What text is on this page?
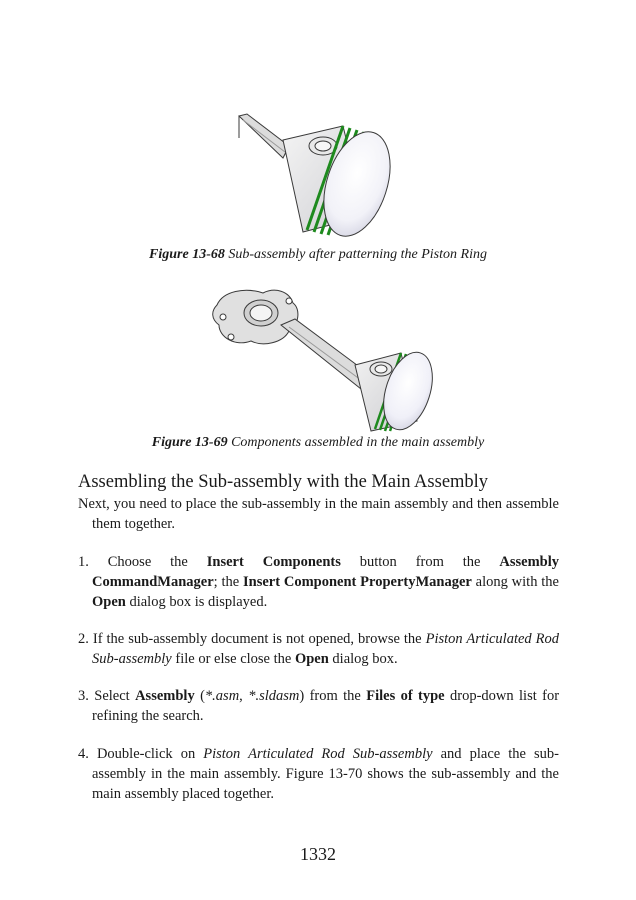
Figure 13-68 Sub-assembly after patterning the Piston Ring
Figure 13-69 Components assembled in the main assembly
Assembling the Sub-assembly with the Main Assembly
Next, you need to place the sub-assembly in the main assembly and then assemble them together.
1. Choose the Insert Components button from the Assembly CommandManager; the Insert Component PropertyManager along with the Open dialog box is displayed.
2. If the sub-assembly document is not opened, browse the Piston Articulated Rod Sub-assembly file or else close the Open dialog box.
3. Select Assembly (*.asm, *.sldasm) from the Files of type drop-down list for refining the search.
4. Double-click on Piston Articulated Rod Sub-assembly and place the sub-assembly in the main assembly. Figure 13-70 shows the sub-assembly and the main assembly placed together.
1332
